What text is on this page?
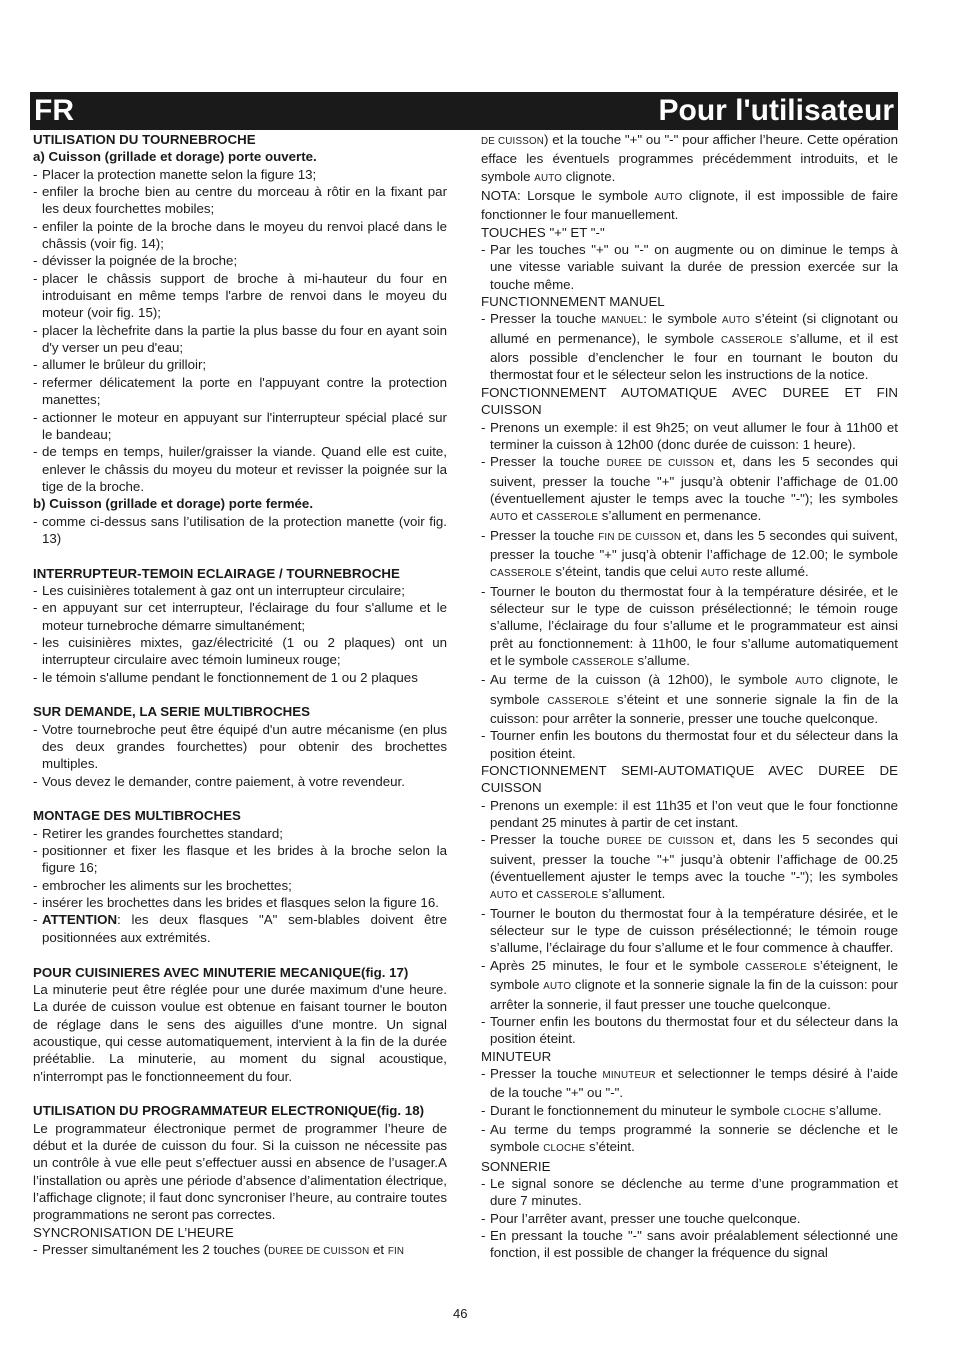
FR	Pour l'utilisateur

UTILISATION DU TOURNEBROCHE

a) Cuisson (grillade et dorage) porte ouverte.

- Placer la protection manette selon la figure 13;

- enfiler la broche bien au centre du morceau à rôtir en la fixant par les deux fourchettes mobiles;

- enfiler la pointe de la broche dans le moyeu du renvoi placé dans le châssis (voir fig. 14);

- dévisser la poignée de la broche;

- placer le châssis support de broche à mi-hauteur du four en introduisant en même temps l'arbre de renvoi dans le moyeu du moteur (voir fig. 15);

- placer la lèchefrite dans la partie la plus basse du four en ayant soin d'y verser un peu d'eau;

- allumer le brûleur du grilloir;

- refermer délicatement la porte en l'appuyant contre la protection manettes;

- actionner le moteur en appuyant sur l'interrupteur spécial placé sur le bandeau;

- de temps en temps, huiler/graisser la viande. Quand elle est cuite, enlever le châssis du moyeu du moteur et revisser la poignée sur la tige de la broche.

b) Cuisson (grillade et dorage) porte fermée.

- comme ci-dessus sans l’utilisation de la protection manette (voir fig. 13)

INTERRUPTEUR-TEMOIN ECLAIRAGE / TOURNEBROCHE

- Les cuisinières totalement à gaz ont un interrupteur circulaire;

- en appuyant sur cet interrupteur, l'éclairage du four s'allume et le moteur turnebroche démarre simultanément;

- les cuisinières mixtes, gaz/électricité (1 ou 2 plaques) ont un interrupteur circulaire avec témoin lumineux rouge;

- le témoin s'allume pendant le fonctionnement de 1 ou 2 plaques

SUR DEMANDE, LA SERIE MULTIBROCHES

- Votre tournebroche peut être équipé d'un autre mécanisme (en plus des deux grandes fourchettes) pour obtenir des brochettes multiples.

- Vous devez le demander, contre paiement, à votre revendeur.

MONTAGE DES MULTIBROCHES

- Retirer les grandes fourchettes standard;

- positionner et fixer les flasque et les brides à la broche selon la figure 16;

- embrocher les aliments sur les brochettes;

- insérer les brochettes dans les brides et flasques selon la figure 16.

- ATTENTION: les deux flasques "A" sem-blables doivent être positionnées aux extrémités.

POUR CUISINIERES AVEC MINUTERIE MECANIQUE(fig. 17)

La minuterie peut être réglée pour une durée maximum d'une heure. La durée de cuisson voulue est obtenue en faisant tourner le bouton de réglage dans le sens des aiguilles d'une montre. Un signal acoustique, qui cesse automatiquement, intervient à la fin de la durée préétablie. La minuterie, au moment du signal acoustique, n'interrompt pas le fonctionneement du four.

UTILISATION DU PROGRAMMATEUR ELECTRONIQUE(fig. 18)

Le programmateur électronique permet de programmer l’heure de début et la durée de cuisson du four. Si la cuisson ne nécessite pas un contrôle à vue elle peut s’effectuer aussi en absence de l’usager.A l’installation ou après une période d’absence d’alimentation électrique, l’affichage clignote; il faut donc syncroniser l’heure, au contraire toutes programmations ne seront pas correctes.

SYNCRONISATION DE L’HEURE

- Presser simultanément les 2 touches (DUREE DE CUISSON et FIN

DE CUISSON) et la touche "+" ou "-" pour afficher l’heure. Cette opération efface les éventuels programmes précédemment introduits, et le symbole AUTO clignote.

NOTA: Lorsque le symbole AUTO clignote, il est impossible de faire fonctionner le four manuellement.

TOUCHES "+" ET "-"

- Par les touches "+" ou "-" on augmente ou on diminue le temps à une vitesse variable suivant la durée de pression exercée sur la touche même.

FUNCTIONNEMENT MANUEL

- Presser la touche MANUEL: le symbole AUTO s’éteint (si clignotant ou allumé en permenance), le symbole CASSEROLE s’allume, et il est alors possible d’enclencher le four en tournant le bouton du thermostat four et le sélecteur selon les instructions de la notice.

FONCTIONNEMENT AUTOMATIQUE AVEC DUREE ET FIN CUISSON

- Prenons un exemple: il est 9h25; on veut allumer le four à 11h00 et terminer la cuisson à 12h00 (donc durée de cuisson: 1 heure).

- Presser la touche DUREE DE CUISSON et, dans les 5 secondes qui suivent, presser la touche "+" jusqu’à obtenir l’affichage de 01.00 (éventuellement ajuster le temps avec la touche "-"); les symboles AUTO et CASSEROLE s’allument en permenance.

- Presser la touche FIN DE CUISSON et, dans les 5 secondes qui suivent, presser la touche "+" jusq’à obtenir l’affichage de 12.00; le symbole CASSEROLE s’éteint, tandis que celui AUTO reste allumé.

- Tourner le bouton du thermostat four à la température désirée, et le sélecteur sur le type de cuisson présélectionné; le témoin rouge s’allume, l’éclairage du four s’allume et le programmateur est ainsi prêt au fonctionnement: à 11h00, le four s’allume automatiquement et le symbole CASSEROLE s’allume.

- Au terme de la cuisson (à 12h00), le symbole AUTO clignote, le symbole CASSEROLE s’éteint et une sonnerie signale la fin de la cuisson: pour arrêter la sonnerie, presser une touche quelconque.

- Tourner enfin les boutons du thermostat four et du sélecteur dans la position éteint.

FONCTIONNEMENT SEMI-AUTOMATIQUE AVEC DUREE DE CUISSON

- Prenons un exemple: il est 11h35 et l’on veut que le four fonctionne pendant 25 minutes à partir de cet instant.

- Presser la touche DUREE DE CUISSON et, dans les 5 secondes qui suivent, presser la touche "+" jusqu’à obtenir l’affichage de 00.25 (éventuellement ajuster le temps avec la touche "-"); les symboles AUTO et CASSEROLE s’allument.

- Tourner le bouton du thermostat four à la température désirée, et le sélecteur sur le type de cuisson présélectionné; le témoin rouge s’allume, l’éclairage du four s’allume et le four commence à chauffer.

- Après 25 minutes, le four et le symbole CASSEROLE s’éteignent, le symbole AUTO clignote et la sonnerie signale la fin de la cuisson: pour arrêter la sonnerie, il faut presser une touche quelconque.

- Tourner enfin les boutons du thermostat four et du sélecteur dans la position éteint.

MINUTEUR

- Presser la touche MINUTEUR et selectionner le temps désiré à l’aide de la touche "+" ou "-".

- Durant le fonctionnement du minuteur le symbole CLOCHE s’allume.

- Au terme du temps programmé la sonnerie se déclenche et le symbole CLOCHE s’éteint.

SONNERIE

- Le signal sonore se déclenche au terme d’une programmation et dure 7 minutes.

- Pour l’arrêter avant, presser une touche quelconque.

- En pressant la touche "-" sans avoir préalablement sélectionné une fonction, il est possible de changer la fréquence du signal

46
